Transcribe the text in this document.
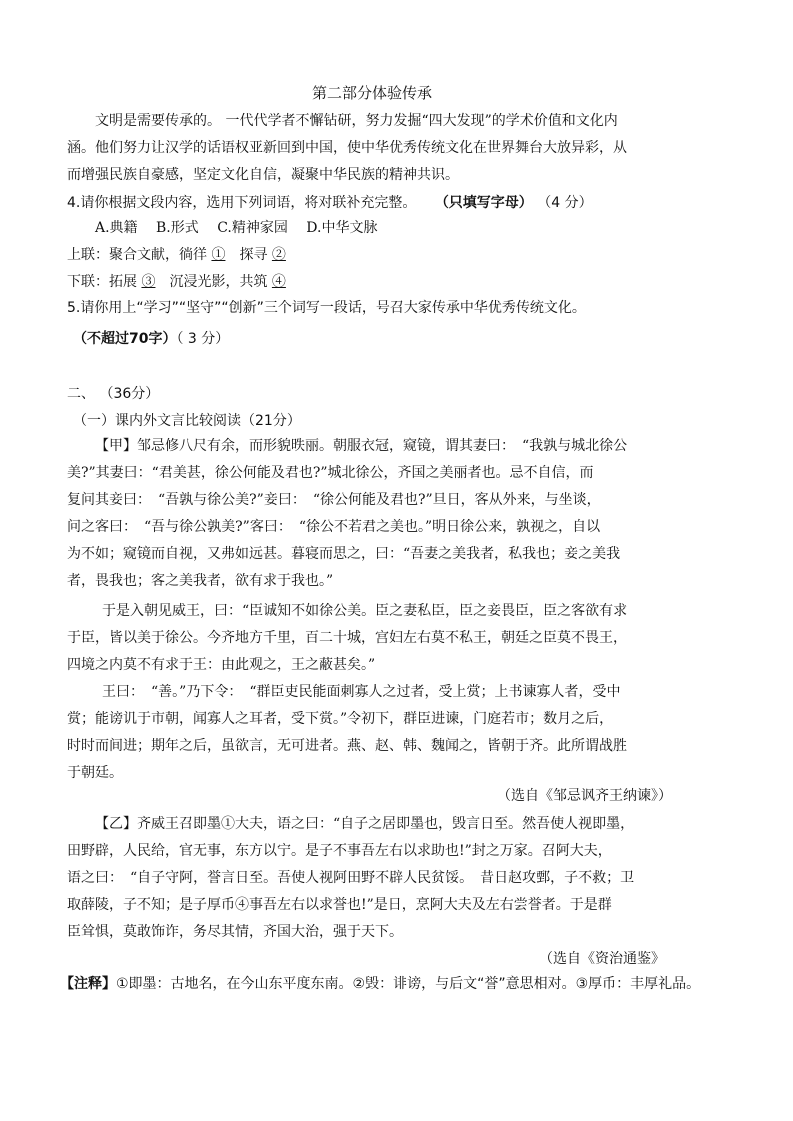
第二部分体验传承
文明是需要传承的。 一代代学者不懈钻研，努力发掘“四大发现”的学术价值和文化内
涵。他们努力让汉学的话语权亚新回到中国，使中华优秀传统文化在世界舞台大放异彩，从
而增强民族自豪感，坚定文化自信，凝聚中华民族的精神共识。
4.请你根据文段内容，选用下列词语，将对联补充完整。 （只填写字母） （4 分）
A.典籍　 B.形式　 C.精神家园　 D.中华文脉
上联：聚合文献，徜徉 ①　探寻 ②
下联：拓展 ③　沉浸光影，共筑 ④
5.请你用上“学习”“坚守”“创新”三个词写一段话，号召大家传承中华优秀传统文化。
（不超过70字）（ 3 分）
二、 （36分）
（一）课内外文言比较阅读（21分）
【甲】邹忌修八尺有余，而形貌昳丽。朝服衣冠，窥镜，谓其妻曰：　“我孰与城北徐公
美?”其妻曰：“君美甚，徐公何能及君也?”城北徐公，齐国之美丽者也。忌不自信，而
复问其妾曰：　“吾孰与徐公美?”妾曰：　“徐公何能及君也?”旦日，客从外来，与坐谈，
问之客曰：　“吾与徐公孰美?”客曰：　“徐公不若君之美也。”明日徐公来，孰视之，自以
为不如；窥镜而自视，又弗如远甚。暮寝而思之，曰：“吾妻之美我者，私我也；妾之美我
者，畏我也；客之美我者，欲有求于我也。”
于是入朝见威王，曰：“臣诚知不如徐公美。臣之妻私臣，臣之妾畏臣，臣之客欲有求
于臣，皆以美于徐公。今齐地方千里，百二十城，宫妇左右莫不私王，朝廷之臣莫不畏王，
四境之内莫不有求于王：由此观之，王之蔽甚矣。”
王曰：　“善。”乃下令：　“群臣吏民能面刺寡人之过者，受上赏；上书谏寡人者，受中
赏；能谤讥于市朝，闻寡人之耳者，受下赏。”令初下，群臣进谏，门庭若市；数月之后，
时时而间进；期年之后，虽欲言，无可进者。燕、赵、韩、魏闻之，皆朝于齐。此所谓战胜
于朝廷。
（选自《邹忌讽齐王纳谏》）
【乙】齐威王召即墨①大夫，语之曰：“自子之居即墨也，毁言日至。然吾使人视即墨，
田野辟，人民给，官无事，东方以宁。是子不事吾左右以求助也!”封之万家。召阿大夫，
语之曰：　“自子守阿，誉言日至。吾使人视阿田野不辟人民贫馁。　昔日赵攻鄄，子不救；卫
取薛陵，子不知；是子厚币④事吾左右以求誉也!”是日，烹阿大夫及左右尝誉者。于是群
臣耸惧，莫敢饰诈，务尽其情，齐国大治，强于天下。
（选自《资治通鉴》
【注释】①即墨：古地名，在今山东平度东南。②毁：诽谤，与后文“誉”意思相对。③厚币：丰厚礼品。
